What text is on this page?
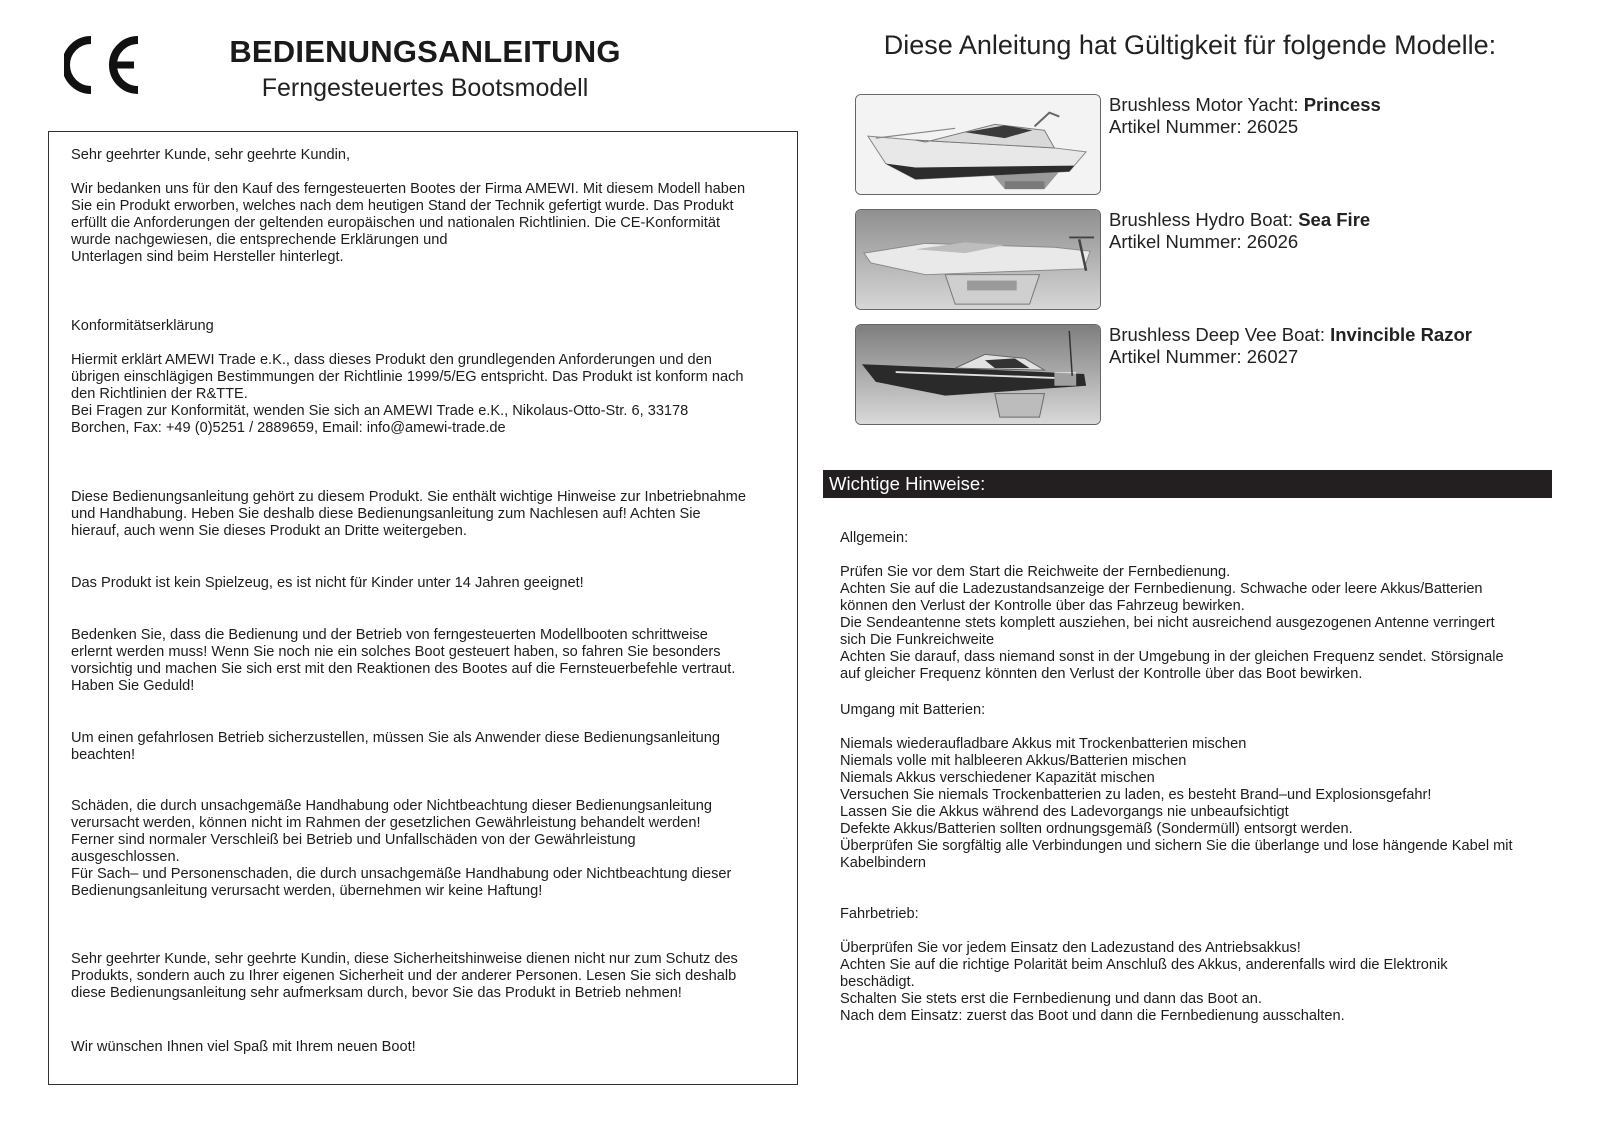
BEDIENUNGSANLEITUNG
Ferngesteuertes Bootsmodell

Sehr geehrter Kunde, sehr geehrte Kundin,

Wir bedanken uns für den Kauf des ferngesteuerten Bootes der Firma AMEWI. Mit diesem Modell haben
Sie ein Produkt erworben, welches nach dem heutigen Stand der Technik gefertigt wurde. Das Produkt
erfüllt die Anforderungen der geltenden europäischen und nationalen Richtlinien. Die CE-Konformität
wurde nachgewiesen, die entsprechende Erklärungen und
Unterlagen sind beim Hersteller hinterlegt.

Konformitätserklärung

Hiermit erklärt AMEWI Trade e.K., dass dieses Produkt den grundlegenden Anforderungen und den
übrigen einschlägigen Bestimmungen der Richtlinie 1999/5/EG entspricht. Das Produkt ist konform nach
den Richtlinien der R&TTE.
Bei Fragen zur Konformität, wenden Sie sich an AMEWI Trade e.K., Nikolaus-Otto-Str. 6, 33178
Borchen, Fax: +49 (0)5251 / 2889659, Email: info@amewi-trade.de

Diese Bedienungsanleitung gehört zu diesem Produkt. Sie enthält wichtige Hinweise zur Inbetriebnahme
und Handhabung. Heben Sie deshalb diese Bedienungsanleitung zum Nachlesen auf! Achten Sie
hierauf, auch wenn Sie dieses Produkt an Dritte weitergeben.

Das Produkt ist kein Spielzeug, es ist nicht für Kinder unter 14 Jahren geeignet!

Bedenken Sie, dass die Bedienung und der Betrieb von ferngesteuerten Modellbooten schrittweise
erlernt werden muss! Wenn Sie noch nie ein solches Boot gesteuert haben, so fahren Sie besonders
vorsichtig und machen Sie sich erst mit den Reaktionen des Bootes auf die Fernsteuerbefehle vertraut.
Haben Sie Geduld!

Um einen gefahrlosen Betrieb sicherzustellen, müssen Sie als Anwender diese Bedienungsanleitung
beachten!

Schäden, die durch unsachgemäße Handhabung oder Nichtbeachtung dieser Bedienungsanleitung
verursacht werden, können nicht im Rahmen der gesetzlichen Gewährleistung behandelt werden!
Ferner sind normaler Verschleiß bei Betrieb und Unfallschäden von der Gewährleistung
ausgeschlossen.
Für Sach– und Personenschaden, die durch unsachgemäße Handhabung oder Nichtbeachtung dieser
Bedienungsanleitung verursacht werden, übernehmen wir keine Haftung!

Sehr geehrter Kunde, sehr geehrte Kundin, diese Sicherheitshinweise dienen nicht nur zum Schutz des
Produkts, sondern auch zu Ihrer eigenen Sicherheit und der anderer Personen. Lesen Sie sich deshalb
diese Bedienungsanleitung sehr aufmerksam durch, bevor Sie das Produkt in Betrieb nehmen!

Wir wünschen Ihnen viel Spaß mit Ihrem neuen Boot!

Diese Anleitung hat Gültigkeit für folgende Modelle:
Brushless Motor Yacht: Princess
Artikel Nummer: 26025
Brushless Hydro Boat: Sea Fire
Artikel Nummer: 26026
Brushless Deep Vee Boat: Invincible Razor
Artikel Nummer: 26027
Wichtige Hinweise:

Allgemein:

Prüfen Sie vor dem Start die Reichweite der Fernbedienung.
Achten Sie auf die Ladezustandsanzeige der Fernbedienung. Schwache oder leere Akkus/Batterien
können den Verlust der Kontrolle über das Fahrzeug bewirken.
Die Sendeantenne stets komplett ausziehen, bei nicht ausreichend ausgezogenen Antenne verringert
sich Die Funkreichweite
Achten Sie darauf, dass niemand sonst in der Umgebung in der gleichen Frequenz sendet. Störsignale
auf gleicher Frequenz könnten den Verlust der Kontrolle über das Boot bewirken.

Umgang mit Batterien:

Niemals wiederaufladbare Akkus mit Trockenbatterien mischen
Niemals volle mit halbleeren Akkus/Batterien mischen
Niemals Akkus verschiedener Kapazität mischen
Versuchen Sie niemals Trockenbatterien zu laden, es besteht Brand–und Explosionsgefahr!
Lassen Sie die Akkus während des Ladevorgangs nie unbeaufsichtigt
Defekte Akkus/Batterien sollten ordnungsgemäß (Sondermüll) entsorgt werden.
Überprüfen Sie sorgfältig alle Verbindungen und sichern Sie die überlange und lose hängende Kabel mit
Kabelbindern

Fahrbetrieb:

Überprüfen Sie vor jedem Einsatz den Ladezustand des Antriebsakkus!
Achten Sie auf die richtige Polarität beim Anschluß des Akkus, anderenfalls wird die Elektronik
beschädigt.
Schalten Sie stets erst die Fernbedienung und dann das Boot an.
Nach dem Einsatz: zuerst das Boot und dann die Fernbedienung ausschalten.
